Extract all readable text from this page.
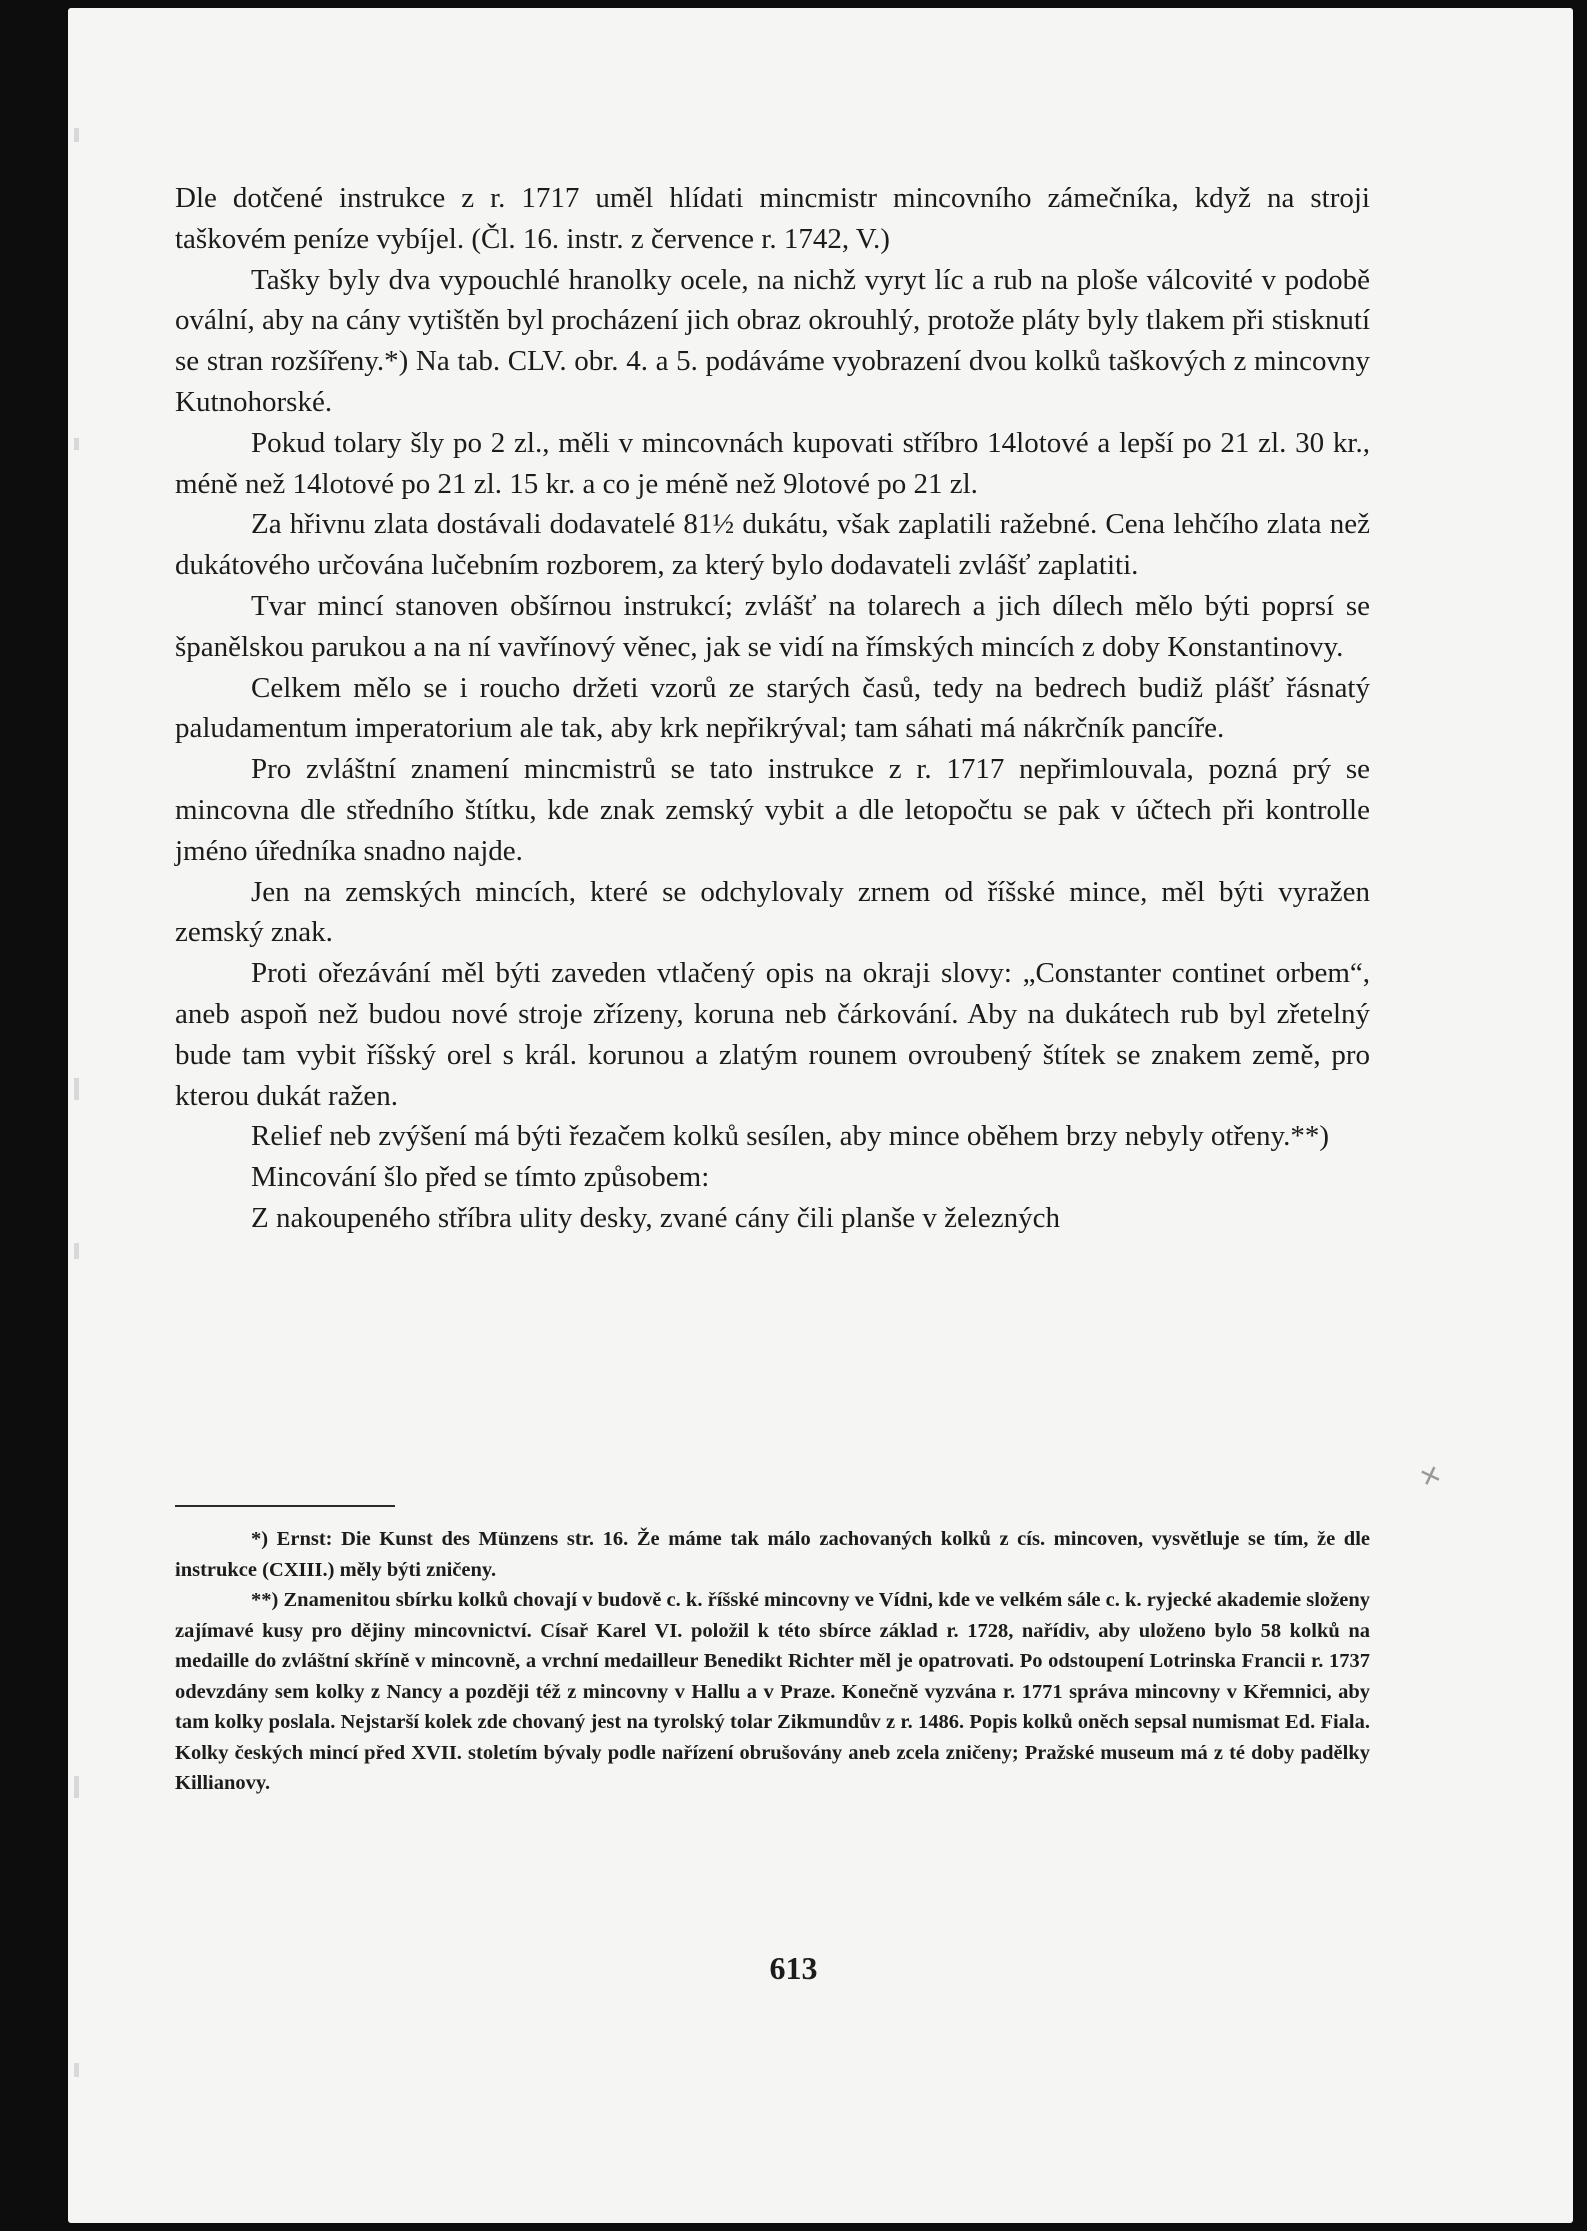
Dle dotčené instrukce z r. 1717 uměl hlídati mincmistr mincovního zámečníka, když na stroji taškovém peníze vybíjel. (Čl. 16. instr. z července r. 1742, V.)

Tašky byly dva vypouchlé hranolky ocele, na nichž vyryt líc a rub na ploše válcovité v podobě ovální, aby na cány vytištěn byl procházení jich obraz okrouhlý, protože pláty byly tlakem při stisknutí se stran rozšířeny.*) Na tab. CLV. obr. 4. a 5. podáváme vyobrazení dvou kolků taškových z mincovny Kutnohorské.

Pokud tolary šly po 2 zl., měli v mincovnách kupovati stříbro 14lotové a lepší po 21 zl. 30 kr., méně než 14lotové po 21 zl. 15 kr. a co je méně než 9lotové po 21 zl.

Za hřivnu zlata dostávali dodavatelé 81½ dukátu, však zaplatili ražebné. Cena lehčího zlata než dukátového určována lučebním rozborem, za který bylo dodavateli zvlášť zaplatiti.

Tvar mincí stanoven obšírnou instrukcí; zvlášť na tolarech a jich dílech mělo býti poprsí se španělskou parukou a na ní vavřínový věnec, jak se vidí na římských mincích z doby Konstantinovy.

Celkem mělo se i roucho držeti vzorů ze starých časů, tedy na bedrech budiž plášť řásnatý paludamentum imperatorium ale tak, aby krk nepřikrýval; tam sáhati má nákrčník pancíře.

Pro zvláštní znamení mincmistrů se tato instrukce z r. 1717 nepřimlouvala, pozná prý se mincovna dle středního štítku, kde znak zemský vybit a dle letopočtu se pak v účtech při kontrolle jméno úředníka snadno najde.

Jen na zemských mincích, které se odchylovaly zrnem od říšské mince, měl býti vyražen zemský znak.

Proti ořezávání měl býti zaveden vtlačený opis na okraji slovy: „Constanter continet orbem“, aneb aspoň než budou nové stroje zřízeny, koruna neb čárkování. Aby na dukátech rub byl zřetelný bude tam vybit říšský orel s král. korunou a zlatým rounem ovroubený štítek se znakem země, pro kterou dukát ražen.

Relief neb zvýšení má býti řezačem kolků sesílen, aby mince oběhem brzy nebyly otřeny.**)

Mincování šlo před se tímto způsobem:

Z nakoupeného stříbra ulity desky, zvané cány čili planše v železných

*) Ernst: Die Kunst des Münzens str. 16. Že máme tak málo zachovaných kolků z cís. mincoven, vysvětluje se tím, že dle instrukce (CXIII.) měly býti zničeny.

**) Znamenitou sbírku kolků chovají v budově c. k. říšské mincovny ve Vídni, kde ve velkém sále c. k. ryjecké akademie složeny zajímavé kusy pro dějiny mincovnictví. Císař Karel VI. položil k této sbírce základ r. 1728, nařídiv, aby uloženo bylo 58 kolků na medaille do zvláštní skříně v mincovně, a vrchní medailleur Benedikt Richter měl je opatrovati. Po odstoupení Lotrinska Francii r. 1737 odevzdány sem kolky z Nancy a později též z mincovny v Hallu a v Praze. Konečně vyzvána r. 1771 správa mincovny v Křemnici, aby tam kolky poslala. Nejstarší kolek zde chovaný jest na tyrolský tolar Zikmundův z r. 1486. Popis kolků oněch sepsal numismat Ed. Fiala. Kolky českých mincí před XVII. stoletím bývaly podle nařízení obrušovány aneb zcela zničeny; Pražské museum má z té doby padělky Killianovy.

✕
613
